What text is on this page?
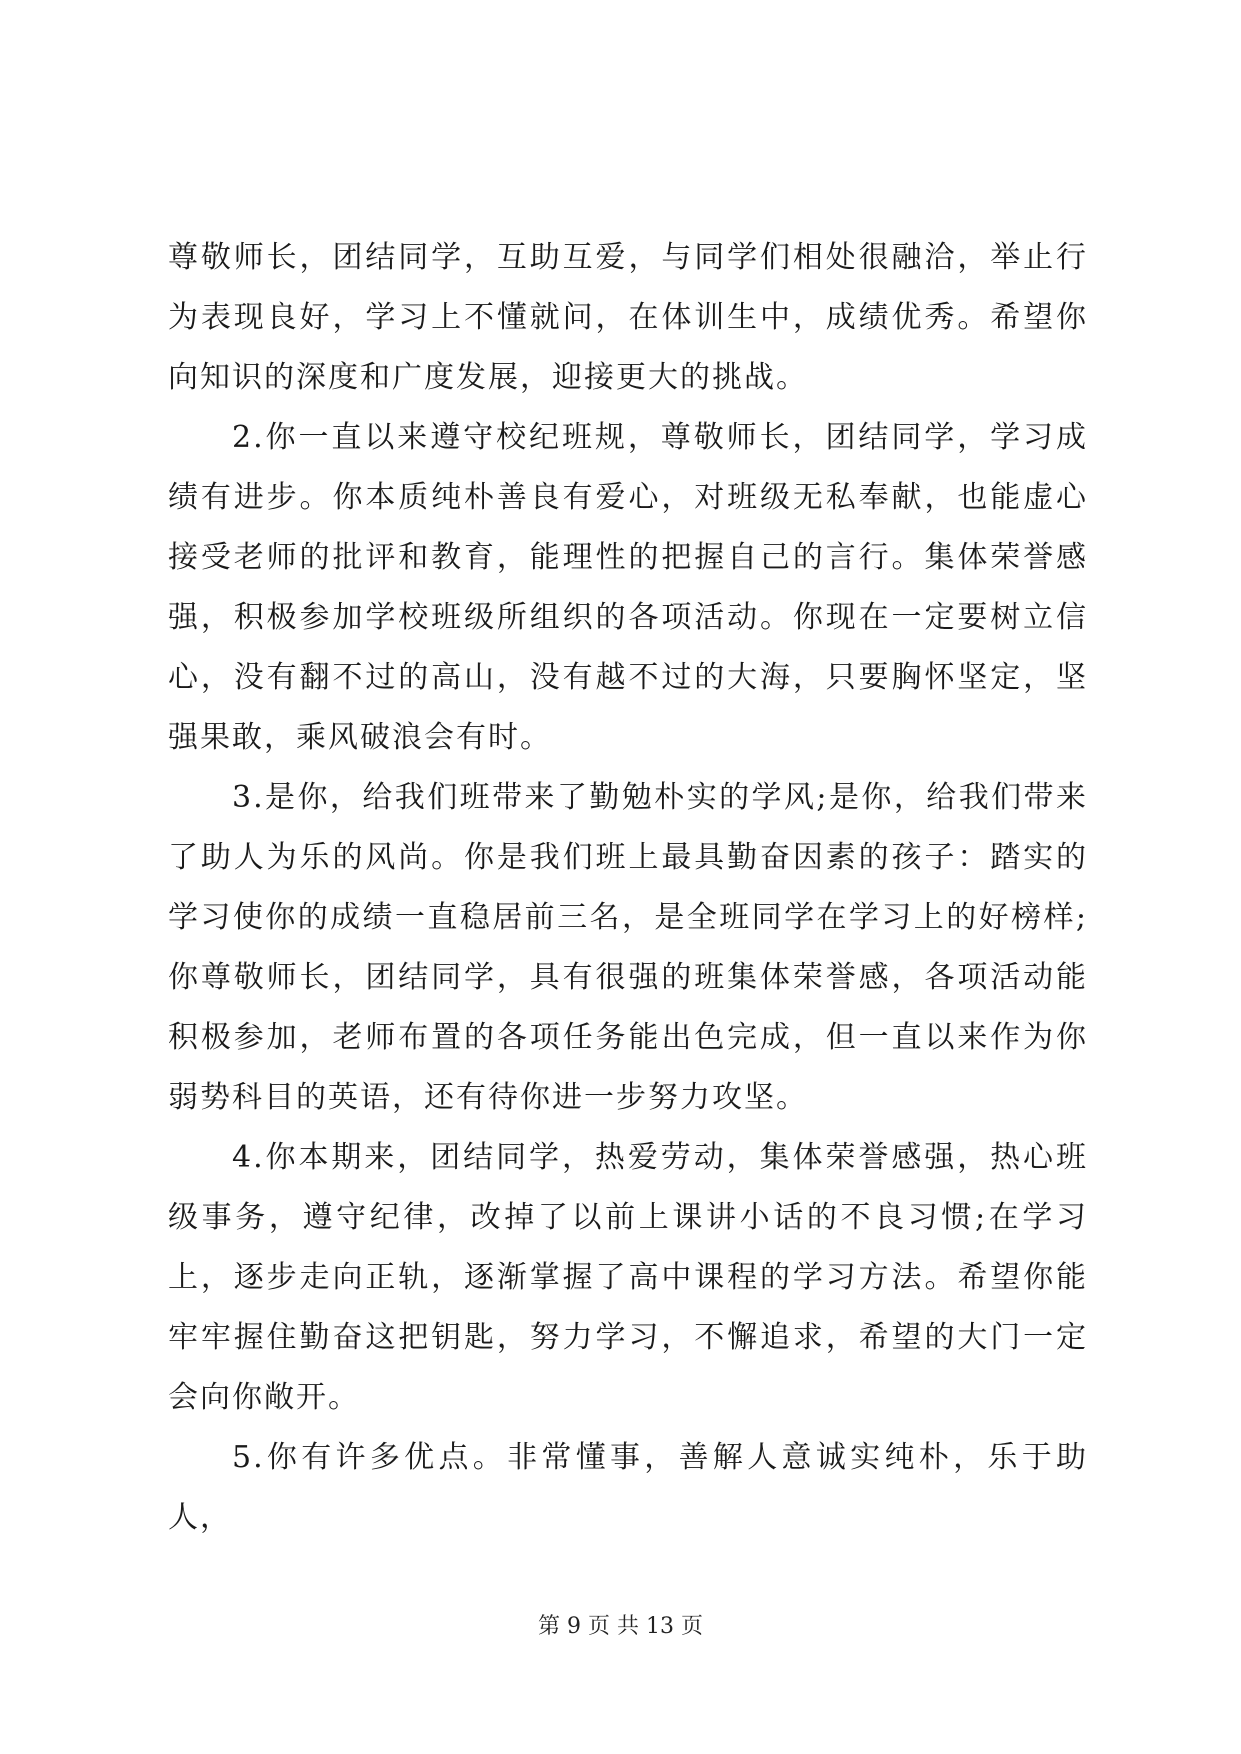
尊敬师长，团结同学，互助互爱，与同学们相处很融洽，举止行为表现良好，学习上不懂就问，在体训生中，成绩优秀。希望你向知识的深度和广度发展，迎接更大的挑战。

2.你一直以来遵守校纪班规，尊敬师长，团结同学，学习成绩有进步。你本质纯朴善良有爱心，对班级无私奉献，也能虚心接受老师的批评和教育，能理性的把握自己的言行。集体荣誉感强，积极参加学校班级所组织的各项活动。你现在一定要树立信心，没有翻不过的高山，没有越不过的大海，只要胸怀坚定，坚强果敢，乘风破浪会有时。

3.是你，给我们班带来了勤勉朴实的学风;是你，给我们带来了助人为乐的风尚。你是我们班上最具勤奋因素的孩子：踏实的学习使你的成绩一直稳居前三名，是全班同学在学习上的好榜样;你尊敬师长，团结同学，具有很强的班集体荣誉感，各项活动能积极参加，老师布置的各项任务能出色完成，但一直以来作为你弱势科目的英语，还有待你进一步努力攻坚。

4.你本期来，团结同学，热爱劳动，集体荣誉感强，热心班级事务，遵守纪律，改掉了以前上课讲小话的不良习惯;在学习上，逐步走向正轨，逐渐掌握了高中课程的学习方法。希望你能牢牢握住勤奋这把钥匙，努力学习，不懈追求，希望的大门一定会向你敞开。

5.你有许多优点。非常懂事，善解人意诚实纯朴，乐于助人，

第 9 页 共 13 页
